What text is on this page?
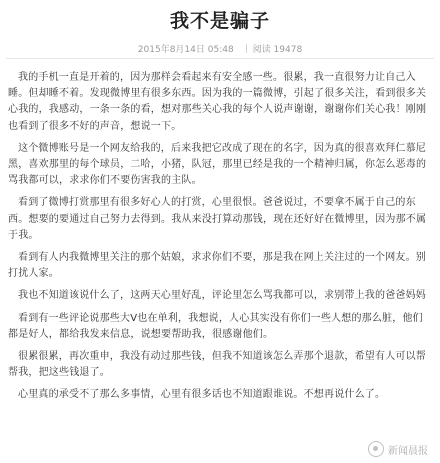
我不是骗子
2015年8月14日 05:48 阅读 19478

我的手机一直是开着的，因为那样会看起来有安全感一些。很累，我一直很努力让自己入睡。但却睡不着。发现微博里有很多东西。因为我的一篇微博，引起了很多关注，看到很多关心我的，我感动，一条一条的看，想对那些关心我的每个人说声谢谢，谢谢你们关心我！刚刚也看到了很多不好的声音，想说一下。

这个微博账号是一个网友给我的，后来我把它改成了现在的名字，因为真的很喜欢拜仁慕尼黑，喜欢那里的每个球员，二哈，小猪，队冠，那里已经是我的一个精神归属，你怎么恶毒的骂我都可以，求求你们不要伤害我的主队。

看到了微博打赏那里有很多好心人的打赏，心里很恨。爸爸说过，不要拿不属于自己的东西。想要的要通过自己努力去得到。我从来没打算动那钱，现在还好好在微博里，因为那不属于我。

看到有人内我微博里关注的那个姑娘，求求你们不要，那是我在网上关注过的一个网友。别打扰人家。

我也不知道该说什么了，这两天心里好乱，评论里怎么骂我都可以，求别带上我的爸爸妈妈

看到有一些评论说那些大V也在单利，我想说，人心其实没有你们一些人想的那么脏，他们都是好人，都给我发来信息，说想要帮助我，很感谢他们。

很累很累，再次重申，我没有动过那些钱，但我不知道该怎么弄那个退款，希望有人可以帮帮我，把这些钱退了。

心里真的承受不了那么多事情，心里有很多话也不知道跟谁说。不想再说什么了。

新闻晨报
